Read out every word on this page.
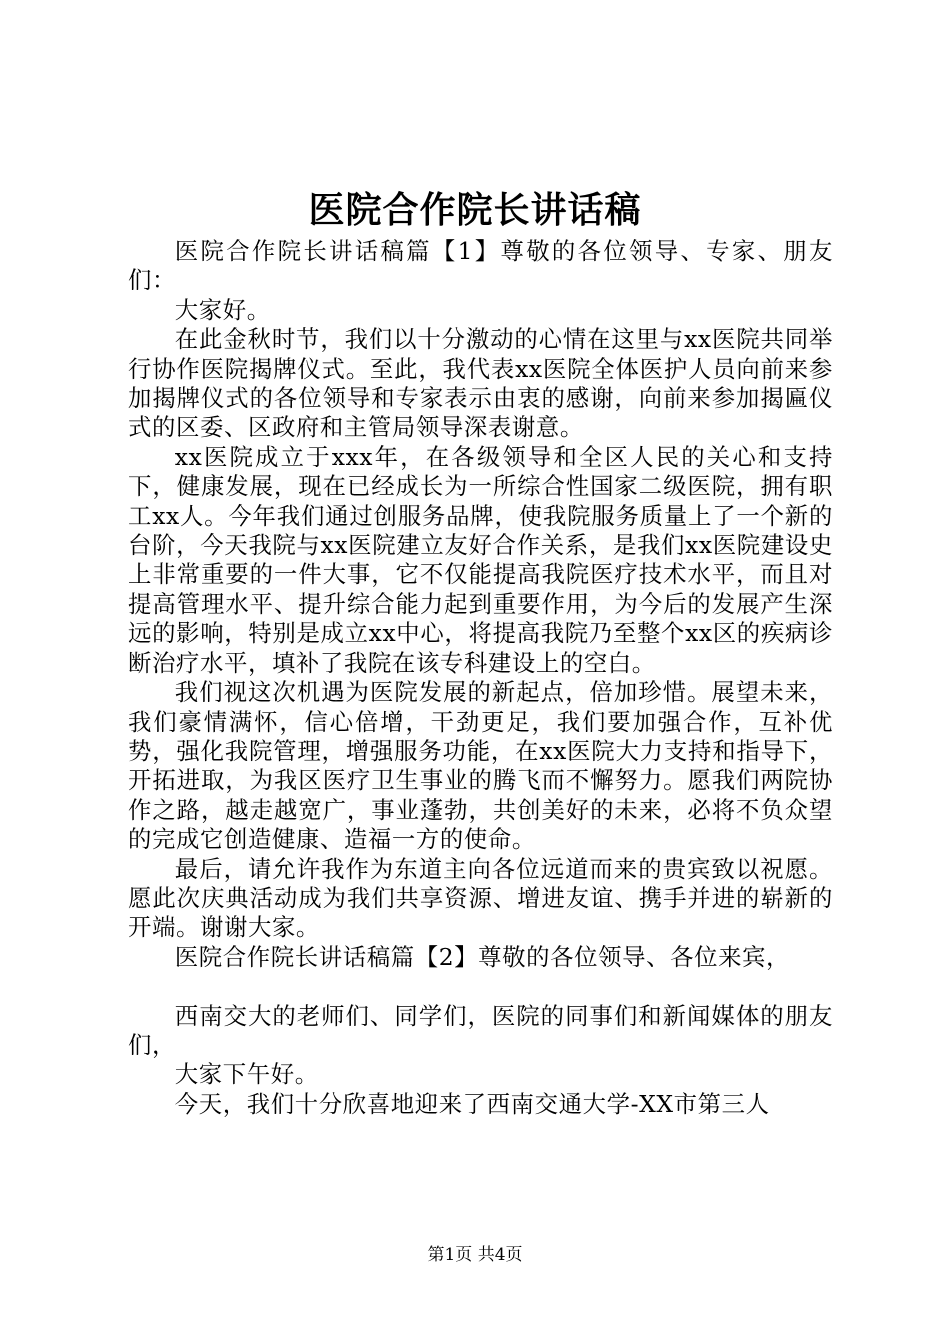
医院合作院长讲话稿

医院合作院长讲话稿篇【1】尊敬的各位领导、专家、朋友们：

大家好。

在此金秋时节，我们以十分激动的心情在这里与xx医院共同举行协作医院揭牌仪式。至此，我代表xx医院全体医护人员向前来参加揭牌仪式的各位领导和专家表示由衷的感谢，向前来参加揭匾仪式的区委、区政府和主管局领导深表谢意。

xx医院成立于xxx年，在各级领导和全区人民的关心和支持下，健康发展，现在已经成长为一所综合性国家二级医院，拥有职工xx人。今年我们通过创服务品牌，使我院服务质量上了一个新的台阶，今天我院与xx医院建立友好合作关系，是我们xx医院建设史上非常重要的一件大事，它不仅能提高我院医疗技术水平，而且对提高管理水平、提升综合能力起到重要作用，为今后的发展产生深远的影响，特别是成立xx中心，将提高我院乃至整个xx区的疾病诊断治疗水平，填补了我院在该专科建设上的空白。

我们视这次机遇为医院发展的新起点，倍加珍惜。展望未来，我们豪情满怀，信心倍增，干劲更足，我们要加强合作，互补优势，强化我院管理，增强服务功能，在xx医院大力支持和指导下，开拓进取，为我区医疗卫生事业的腾飞而不懈努力。愿我们两院协作之路，越走越宽广，事业蓬勃，共创美好的未来，必将不负众望的完成它创造健康、造福一方的使命。

最后，请允许我作为东道主向各位远道而来的贵宾致以祝愿。愿此次庆典活动成为我们共享资源、增进友谊、携手并进的崭新的开端。谢谢大家。

医院合作院长讲话稿篇【2】尊敬的各位领导、各位来宾，

西南交大的老师们、同学们，医院的同事们和新闻媒体的朋友们，

大家下午好。

今天，我们十分欣喜地迎来了西南交通大学-XX市第三人

第1页 共4页
